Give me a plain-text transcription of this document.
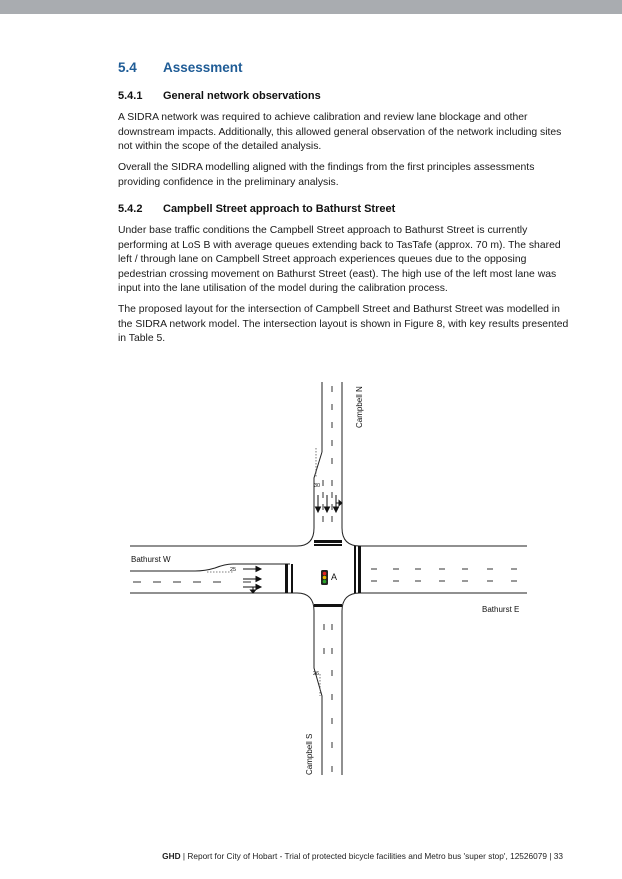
5.4 Assessment
5.4.1 General network observations

A SIDRA network was required to achieve calibration and review lane blockage and other downstream impacts. Additionally, this allowed general observation of the network including sites not within the scope of the detailed analysis.

Overall the SIDRA modelling aligned with the findings from the first principles assessments providing confidence in the preliminary analysis.

5.4.2 Campbell Street approach to Bathurst Street

Under base traffic conditions the Campbell Street approach to Bathurst Street is currently performing at LoS B with average queues extending back to TasTafe (approx. 70 m). The shared left / through lane on Campbell Street approach experiences queues due to the opposing pedestrian crossing movement on Bathurst Street (east). The high use of the left most lane was input into the lane utilisation of the model during the calibration process.

The proposed layout for the intersection of Campbell Street and Bathurst Street was modelled in the SIDRA network model. The intersection layout is shown in Figure 8, with key results presented in Table 5.

A
Campbell N
Campbell S
Bathurst W
Bathurst E
30
25
26
GHD | Report for City of Hobart - Trial of protected bicycle facilities and Metro bus 'super stop', 12526079 | 33
